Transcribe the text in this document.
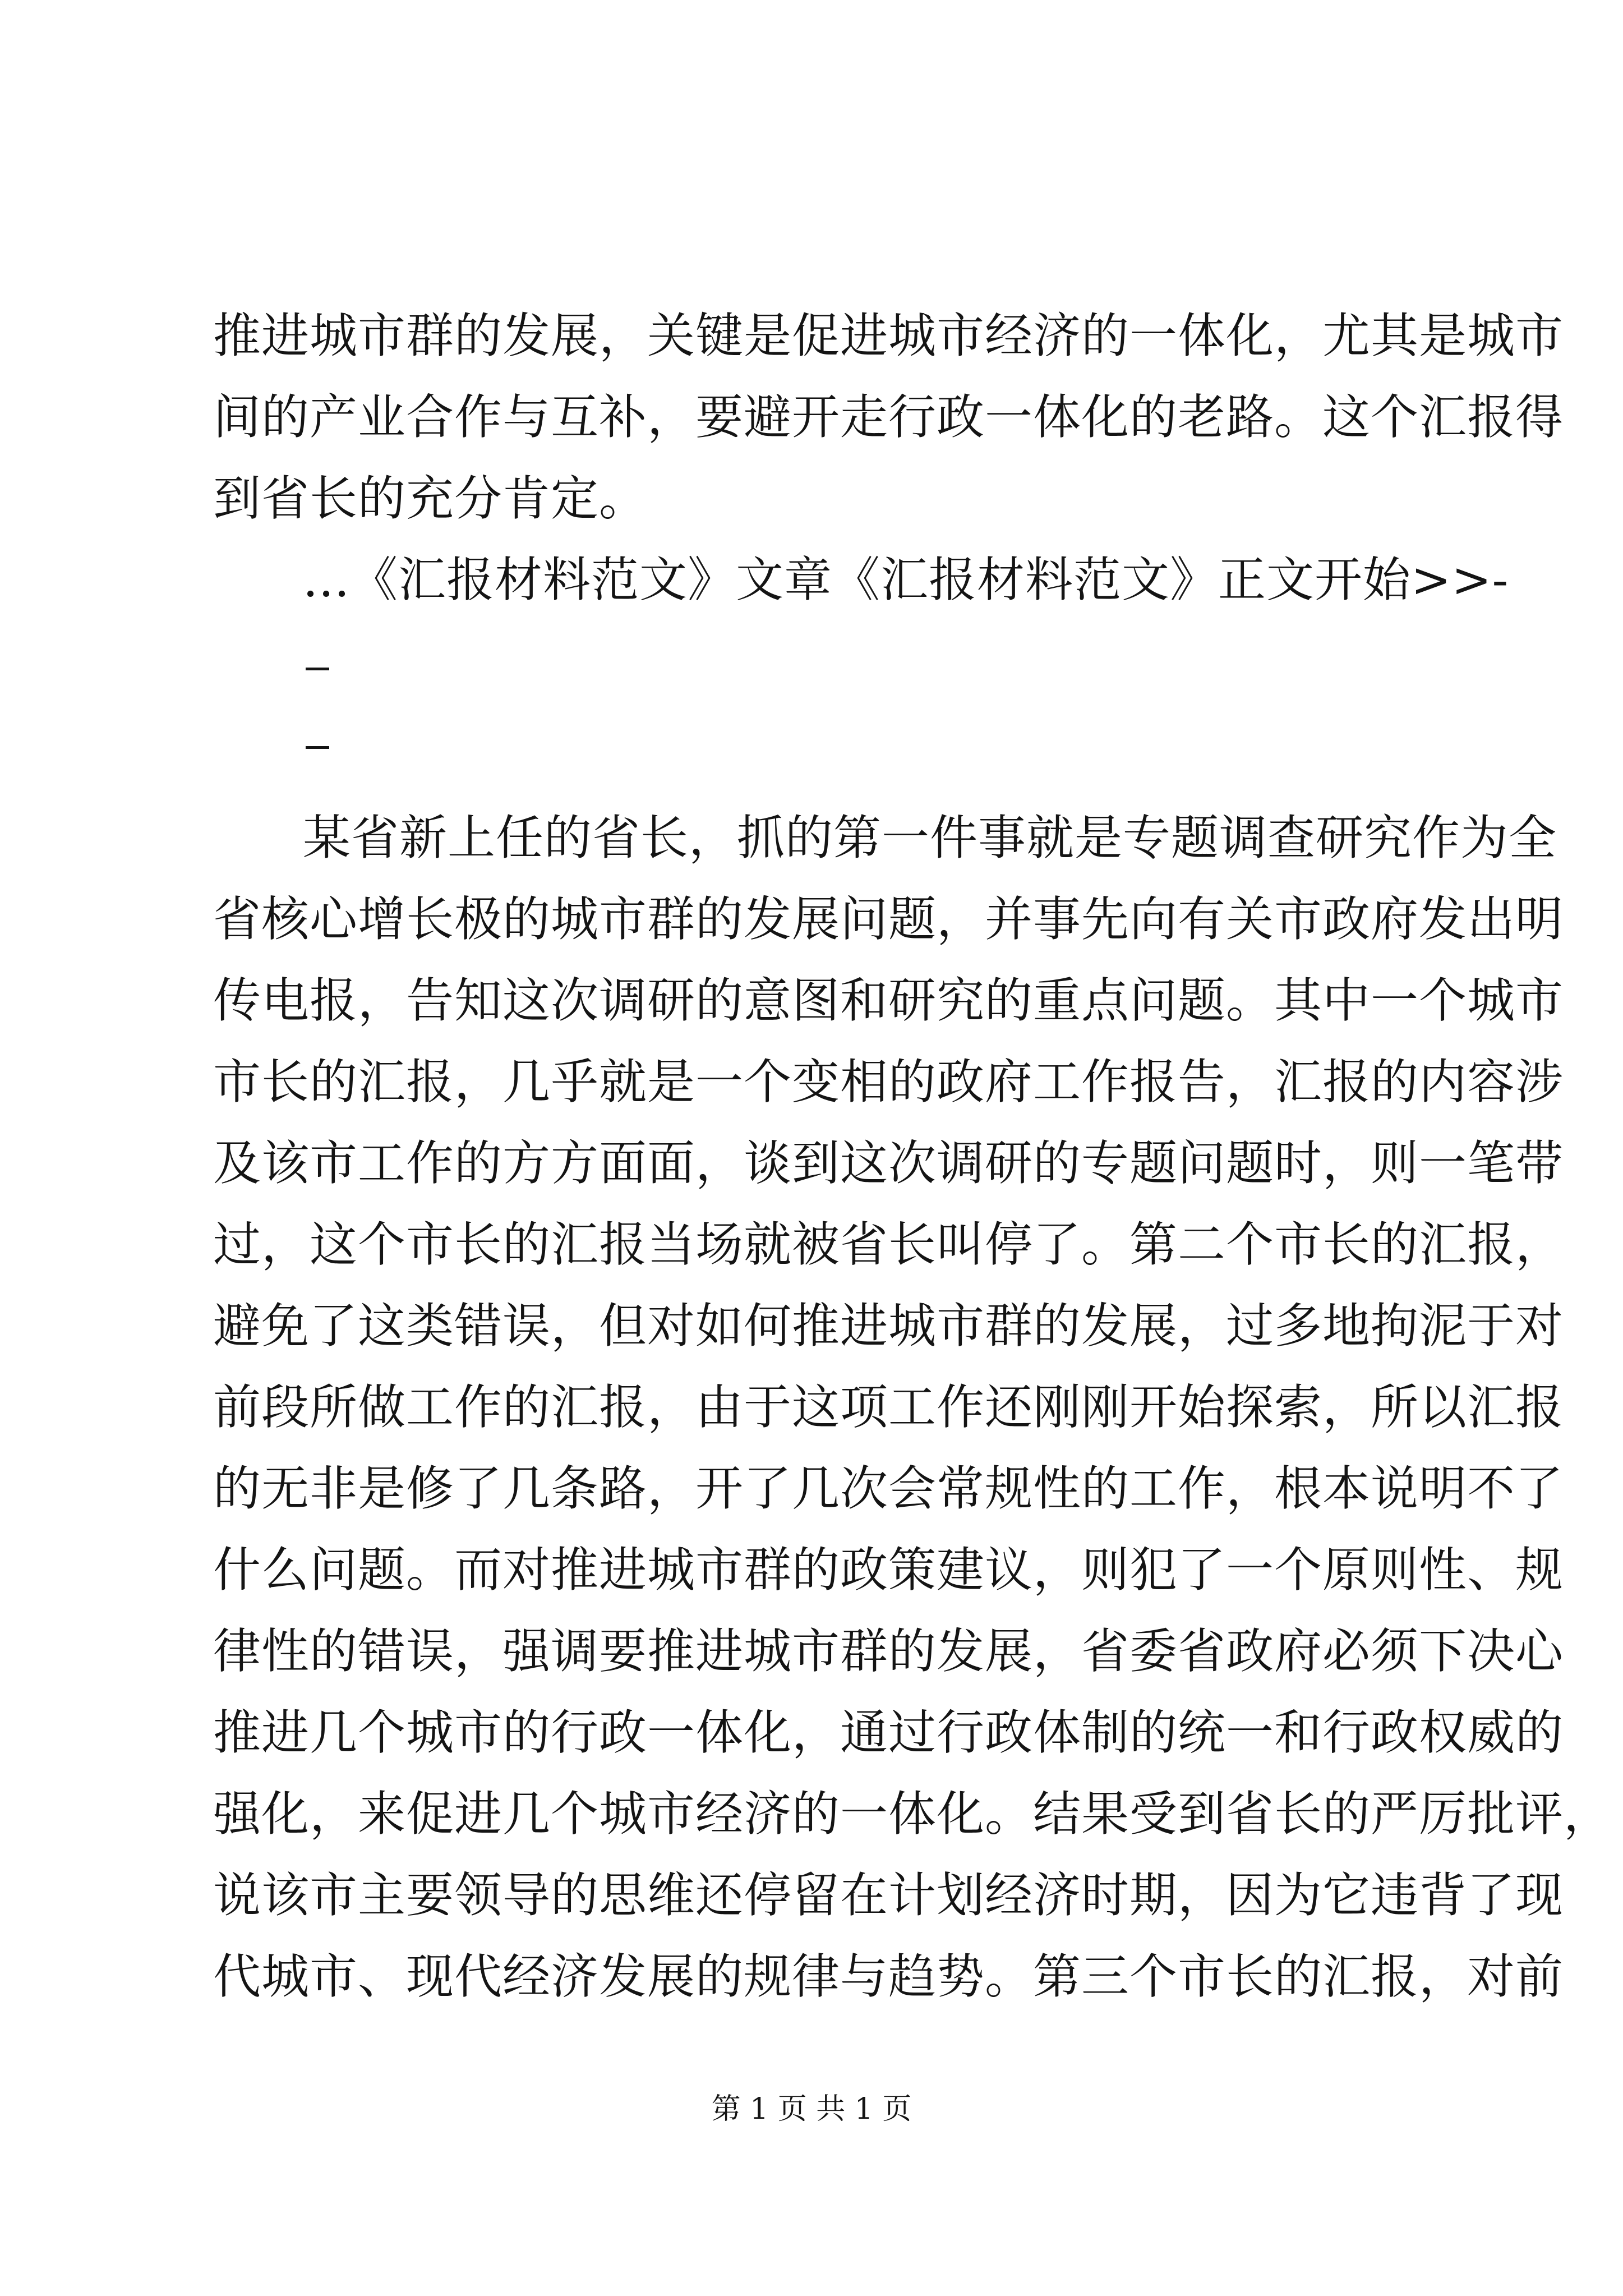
推进城市群的发展，关键是促进城市经济的一体化，尤其是城市
间的产业合作与互补，要避开走行政一体化的老路。这个汇报得
到省长的充分肯定。
...《汇报材料范文》文章《汇报材料范文》正文开始>>-
某省新上任的省长，抓的第一件事就是专题调查研究作为全
省核心增长极的城市群的发展问题，并事先向有关市政府发出明
传电报，告知这次调研的意图和研究的重点问题。其中一个城市
市长的汇报，几乎就是一个变相的政府工作报告，汇报的内容涉
及该市工作的方方面面，谈到这次调研的专题问题时，则一笔带
过，这个市长的汇报当场就被省长叫停了。第二个市长的汇报，
避免了这类错误，但对如何推进城市群的发展，过多地拘泥于对
前段所做工作的汇报，由于这项工作还刚刚开始探索，所以汇报
的无非是修了几条路，开了几次会常规性的工作，根本说明不了
什么问题。而对推进城市群的政策建议，则犯了一个原则性、规
律性的错误，强调要推进城市群的发展，省委省政府必须下决心
推进几个城市的行政一体化，通过行政体制的统一和行政权威的
强化，来促进几个城市经济的一体化。结果受到省长的严厉批评，
说该市主要领导的思维还停留在计划经济时期，因为它违背了现
代城市、现代经济发展的规律与趋势。第三个市长的汇报，对前
第 1 页 共 1 页
